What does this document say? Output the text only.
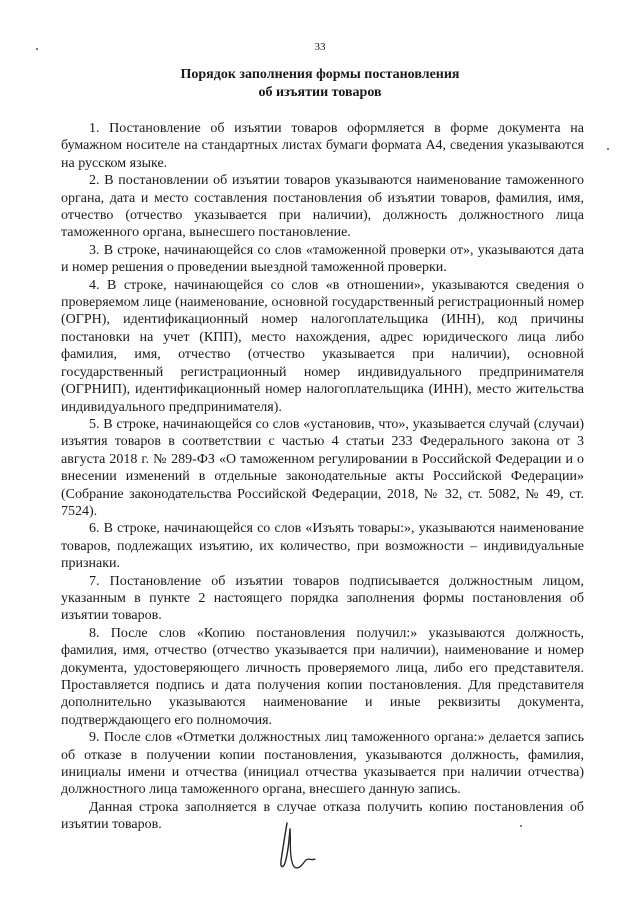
33
Порядок заполнения формы постановления
об изъятии товаров

1. Постановление об изъятии товаров оформляется в форме документа на бумажном носителе на стандартных листах бумаги формата А4, сведения указываются на русском языке.

2. В постановлении об изъятии товаров указываются наименование таможенного органа, дата и место составления постановления об изъятии товаров, фамилия, имя, отчество (отчество указывается при наличии), должность должностного лица таможенного органа, вынесшего постановление.

3. В строке, начинающейся со слов «таможенной проверки от», указываются дата и номер решения о проведении выездной таможенной проверки.

4. В строке, начинающейся со слов «в отношении», указываются сведения о проверяемом лице (наименование, основной государственный регистрационный номер (ОГРН), идентификационный номер налогоплательщика (ИНН), код причины постановки на учет (КПП), место нахождения, адрес юридического лица либо фамилия, имя, отчество (отчество указывается при наличии), основной государственный регистрационный номер индивидуального предпринимателя (ОГРНИП), идентификационный номер налогоплательщика (ИНН), место жительства индивидуального предпринимателя).

5. В строке, начинающейся со слов «установив, что», указывается случай (случаи) изъятия товаров в соответствии с частью 4 статьи 233 Федерального закона от 3 августа 2018 г. № 289-ФЗ «О таможенном регулировании в Российской Федерации и о внесении изменений в отдельные законодательные акты Российской Федерации» (Собрание законодательства Российской Федерации, 2018, № 32, ст. 5082, № 49, ст. 7524).

6. В строке, начинающейся со слов «Изъять товары:», указываются наименование товаров, подлежащих изъятию, их количество, при возможности – индивидуальные признаки.

7. Постановление об изъятии товаров подписывается должностным лицом, указанным в пункте 2 настоящего порядка заполнения формы постановления об изъятии товаров.

8. После слов «Копию постановления получил:» указываются должность, фамилия, имя, отчество (отчество указывается при наличии), наименование и номер документа, удостоверяющего личность проверяемого лица, либо его представителя. Проставляется подпись и дата получения копии постановления. Для представителя дополнительно указываются наименование и иные реквизиты документа, подтверждающего его полномочия.

9. После слов «Отметки должностных лиц таможенного органа:» делается запись об отказе в получении копии постановления, указываются должность, фамилия, инициалы имени и отчества (инициал отчества указывается при наличии отчества) должностного лица таможенного органа, внесшего данную запись.

Данная строка заполняется в случае отказа получить копию постановления об изъятии товаров.
